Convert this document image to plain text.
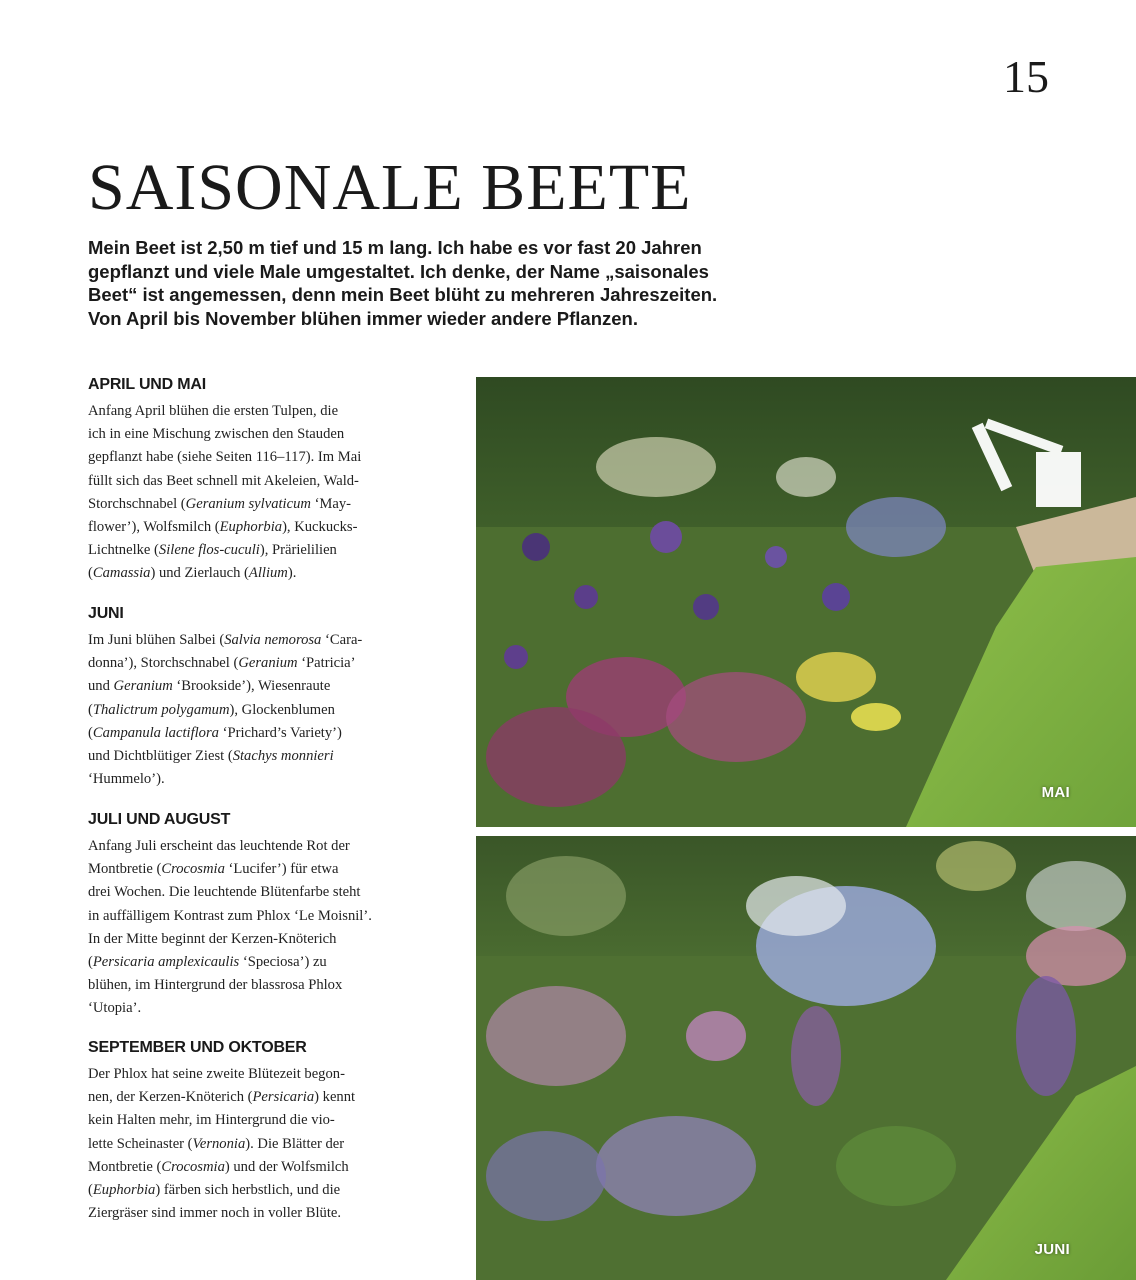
15
SAISONALE BEETE
Mein Beet ist 2,50 m tief und 15 m lang. Ich habe es vor fast 20 Jahren
gepflanzt und viele Male umgestaltet. Ich denke, der Name „saisonales
Beet“ ist angemessen, denn mein Beet blüht zu mehreren Jahreszeiten.
Von April bis November blühen immer wieder andere Pflanzen.
APRIL UND MAI

Anfang April blühen die ersten Tulpen, die
ich in eine Mischung zwischen den Stauden
gepflanzt habe (siehe Seiten 116–117). Im Mai
füllt sich das Beet schnell mit Akeleien, Wald-
Storchschnabel (Geranium sylvaticum ‘May-
flower’), Wolfsmilch (Euphorbia), Kuckucks-
Lichtnelke (Silene flos-cuculi), Prärielilien
(Camassia) und Zierlauch (Allium).

JUNI

Im Juni blühen Salbei (Salvia nemorosa ‘Cara-
donna’), Storchschnabel (Geranium ‘Patricia’
und Geranium ‘Brookside’), Wiesenraute
(Thalictrum polygamum), Glockenblumen
(Campanula lactiflora ‘Prichard’s Variety’)
und Dichtblütiger Ziest (Stachys monnieri
‘Hummelo’).

JULI UND AUGUST

Anfang Juli erscheint das leuchtende Rot der
Montbretie (Crocosmia ‘Lucifer’) für etwa
drei Wochen. Die leuchtende Blütenfarbe steht
in auffälligem Kontrast zum Phlox ‘Le Moisnil’.
In der Mitte beginnt der Kerzen-Knöterich
(Persicaria amplexicaulis ‘Speciosa’) zu
blühen, im Hintergrund der blassrosa Phlox
‘Utopia’.

SEPTEMBER UND OKTOBER

Der Phlox hat seine zweite Blütezeit begon-
nen, der Kerzen-Knöterich (Persicaria) kennt
kein Halten mehr, im Hintergrund die vio-
lette Scheinaster (Vernonia). Die Blätter der
Montbretie (Crocosmia) und der Wolfsmilch
(Euphorbia) färben sich herbstlich, und die
Ziergräser sind immer noch in voller Blüte.

MAI
JUNI
